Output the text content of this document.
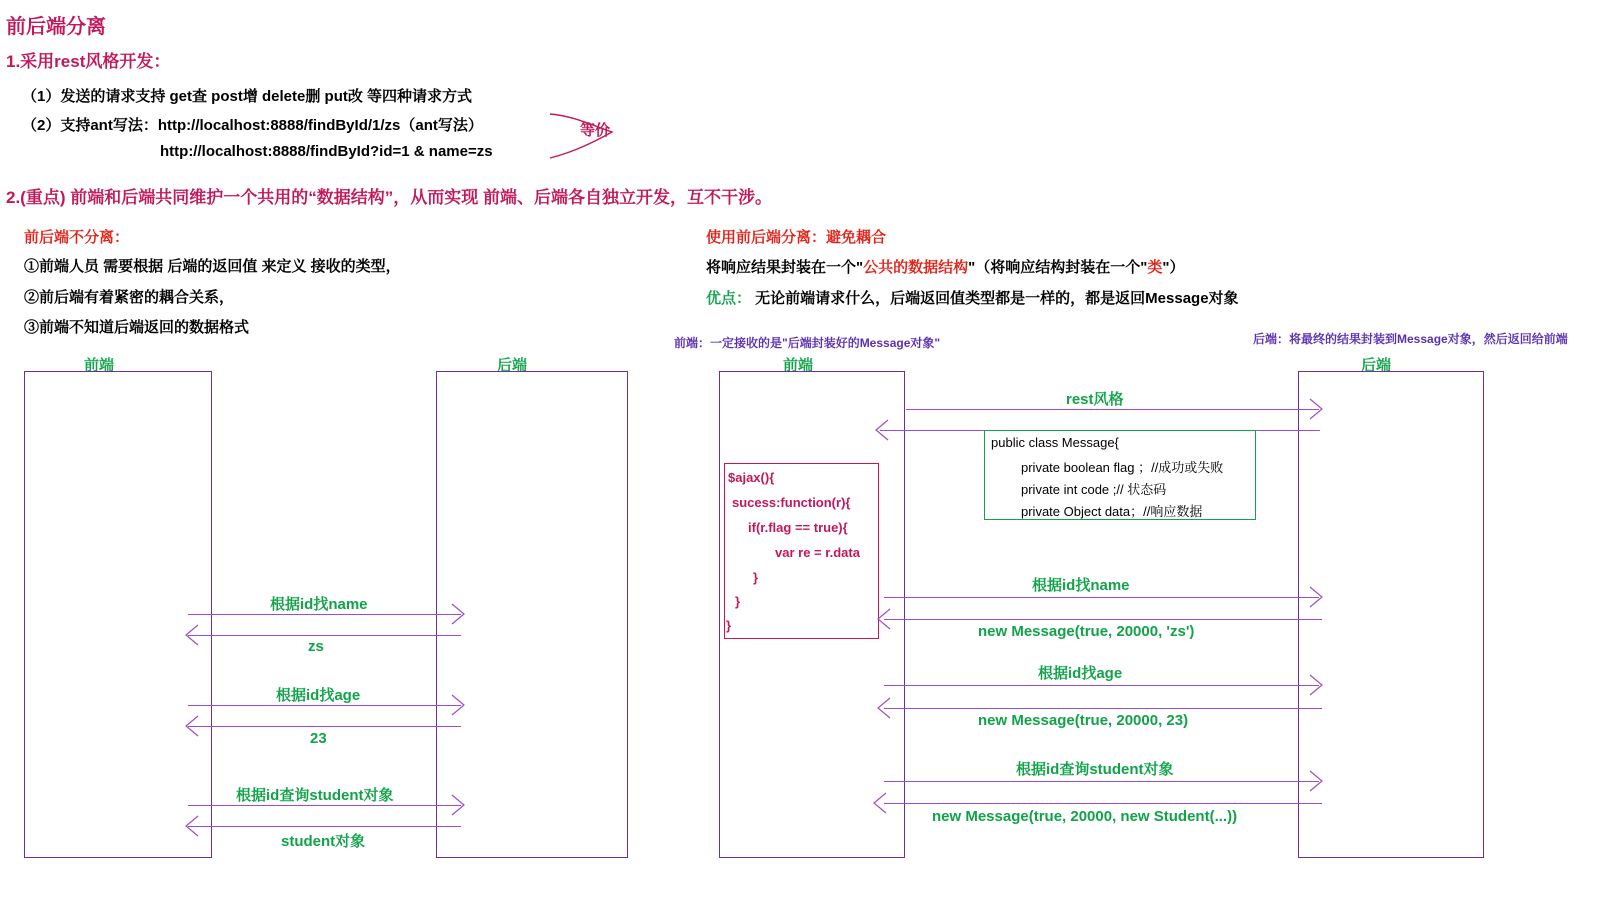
前后端分离
1.采用rest风格开发：
（1）发送的请求支持 get查 post增 delete删 put改 等四种请求方式
（2）支持ant写法：http://localhost:8888/findById/1/zs（ant写法）
http://localhost:8888/findById?id=1 & name=zs
等价
2.(重点) 前端和后端共同维护一个共用的“数据结构”，从而实现 前端、后端各自独立开发，互不干涉。
前后端不分离：
①前端人员 需要根据 后端的返回值 来定义 接收的类型，
②前后端有着紧密的耦合关系，
③前端不知道后端返回的数据格式
使用前后端分离：避免耦合
将响应结果封装在一个"公共的数据结构"（将响应结构封装在一个"类"）
优点： 无论前端请求什么，后端返回值类型都是一样的，都是返回Message对象
前端：一定接收的是"后端封装好的Message对象"	后端：将最终的结果封装到Message对象，然后返回给前端
前端	后端
根据id找name
zs
根据id找age
23
根据id查询student对象
student对象
前端	后端
rest风格
public class Message{
private boolean flag ；//成功或失败
private int code ;// 状态码
private Object data；//响应数据
$ajax(){
sucess:function(r){
if(r.flag == true){
var re = r.data
}
}
}
根据id找name
new Message(true, 20000, 'zs')
根据id找age
new Message(true, 20000, 23)
根据id查询student对象
new Message(true, 20000, new Student(...))
